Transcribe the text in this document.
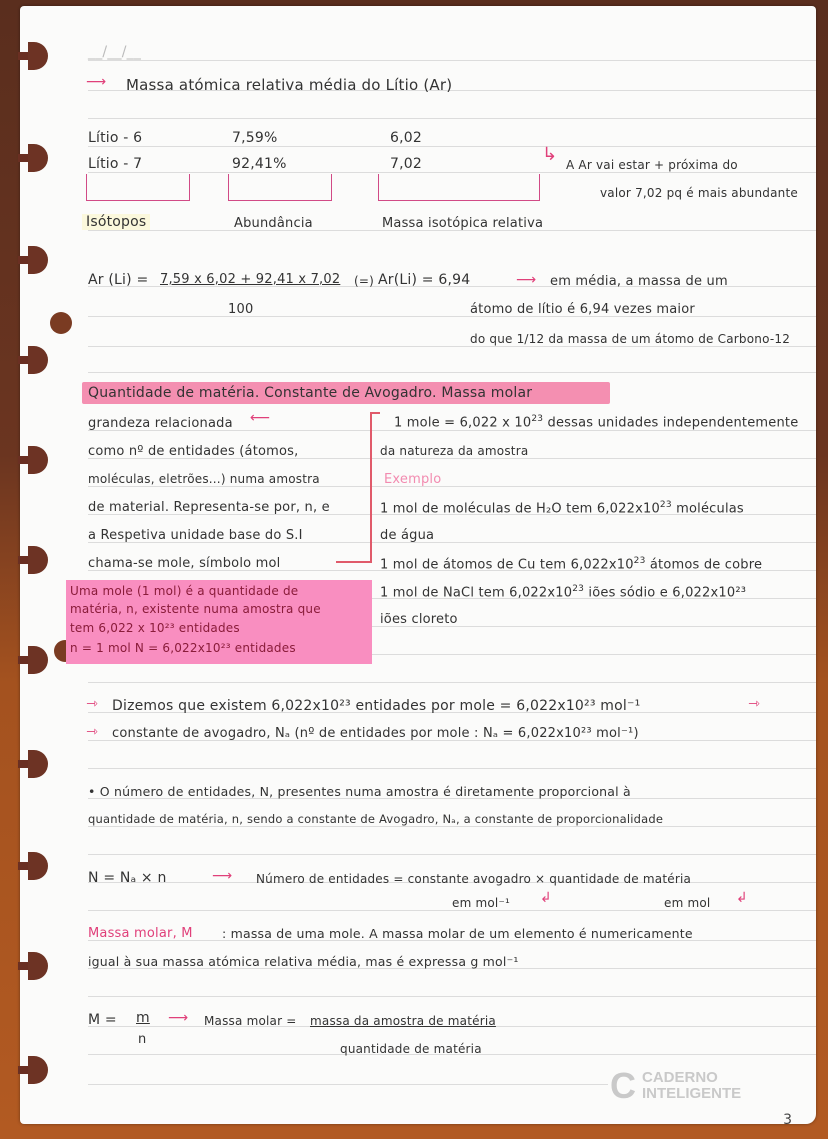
__/__/__
⟶ Massa atómica relativa média do Lítio (Ar)
Lítio - 6	7,59%	6,02
Lítio - 7	92,41%	7,02	↳ A Ar vai estar + próxima do
valor 7,02 pq é mais abundante
Isótopos	Abundância	Massa isotópica relativa
Ar (Li) = 7,59 x 6,02 + 92,41 x 7,02 (=) Ar(Li) = 6,94	⟶ em média, a massa de um
100	átomo de lítio é 6,94 vezes maior
do que 1/12 da massa de um átomo de Carbono-12
Quantidade de matéria. Constante de Avogadro. Massa molar
grandeza relacionada ⟵
como nº de entidades (átomos,
moléculas, eletrões...) numa amostra
de material. Representa-se por, n, e
a Respetiva unidade base do S.I
chama-se mole, símbolo mol
1 mole = 6,022 x $10^{23}$ dessas unidades independentemente
da natureza da amostra
Exemplo
1 mol de moléculas de H₂O tem $6,022x10^{23}$ moléculas
de água
1 mol de átomos de Cu tem $6,022x10^{23}$ átomos de cobre
1 mol de NaCl tem $6,022x10^{23}$ iões sódio e 6,022x10²³
iões cloreto
Uma mole (1 mol) é a quantidade de
matéria, n, existente numa amostra que
tem 6,022 x 10²³ entidades
n = 1 mol N = 6,022x10²³ entidades
⇾ Dizemos que existem 6,022x10²³ entidades por mole = 6,022x10²³ mol⁻¹	⇾
⇾ constante de avogadro, Nₐ (nº de entidades por mole : Nₐ = 6,022x10²³ mol⁻¹)
• O número de entidades, N, presentes numa amostra é diretamente proporcional à
quantidade de matéria, n, sendo a constante de Avogadro, Nₐ, a constante de proporcionalidade
N = Nₐ × n	⟶ Número de entidades = constante avogadro × quantidade de matéria
em mol⁻¹ ↲	em mol ↲
Massa molar, M : massa de uma mole. A massa molar de um elemento é numericamente
igual à sua massa atómica relativa média, mas é expressa g mol⁻¹
M = m
n
⟶ Massa molar = massa da amostra de matéria
quantidade de matéria
C CADERNO
INTELIGENTE
3
